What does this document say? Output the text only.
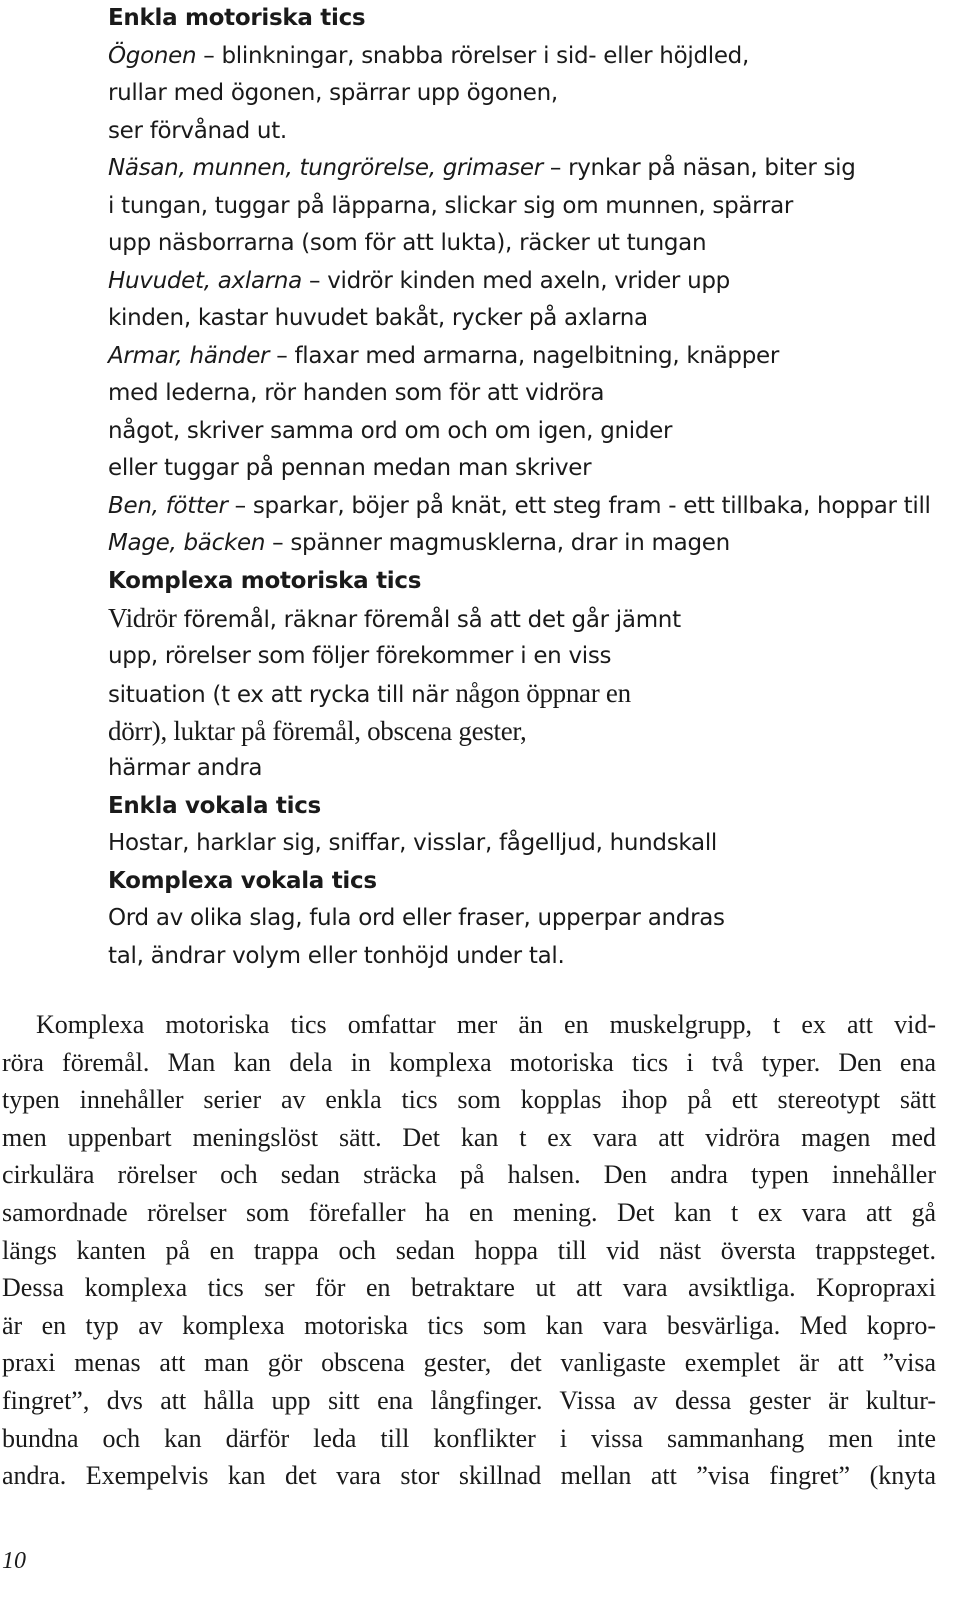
Enkla motoriska tics
Ögonen – blinkningar, snabba rörelser i sid- eller höjdled,
rullar med ögonen, spärrar upp ögonen,
ser förvånad ut.
Näsan, munnen, tungrörelse, grimaser – rynkar på näsan, biter sig
i tungan, tuggar på läpparna, slickar sig om munnen, spärrar
upp näsborrarna (som för att lukta), räcker ut tungan
Huvudet, axlarna – vidrör kinden med axeln, vrider upp
kinden, kastar huvudet bakåt, rycker på axlarna
Armar, händer – flaxar med armarna, nagelbitning, knäpper
med lederna, rör handen som för att vidröra
något, skriver samma ord om och om igen, gnider
eller tuggar på pennan medan man skriver
Ben, fötter – sparkar, böjer på knät, ett steg fram - ett tillbaka, hoppar till
Mage, bäcken – spänner magmusklerna, drar in magen
Komplexa motoriska tics
Vidrör föremål, räknar föremål så att det går jämnt
upp, rörelser som följer förekommer i en viss
situation (t ex att rycka till när någon öppnar en
dörr), luktar på föremål, obscena gester,
härmar andra
Enkla vokala tics
Hostar, harklar sig, sniffar, visslar, fågelljud, hundskall
Komplexa vokala tics
Ord av olika slag, fula ord eller fraser, upperpar andras
tal, ändrar volym eller tonhöjd under tal.
Komplexa motoriska tics omfattar mer än en muskelgrupp, t ex att vid-
röra föremål. Man kan dela in komplexa motoriska tics i två typer. Den ena
typen innehåller serier av enkla tics som kopplas ihop på ett stereotypt sätt
men uppenbart meningslöst sätt. Det kan t ex vara att vidröra magen med
cirkulära rörelser och sedan sträcka på halsen. Den andra typen innehåller
samordnade rörelser som förefaller ha en mening. Det kan t ex vara att gå
längs kanten på en trappa och sedan hoppa till vid näst översta trappsteget.
Dessa komplexa tics ser för en betraktare ut att vara avsiktliga. Kopropraxi
är en typ av komplexa motoriska tics som kan vara besvärliga. Med kopro-
praxi menas att man gör obscena gester, det vanligaste exemplet är att ”visa
fingret”, dvs att hålla upp sitt ena långfinger. Vissa av dessa gester är kultur-
bundna och kan därför leda till konflikter i vissa sammanhang men inte
andra. Exempelvis kan det vara stor skillnad mellan att ”visa fingret” (knyta
10
